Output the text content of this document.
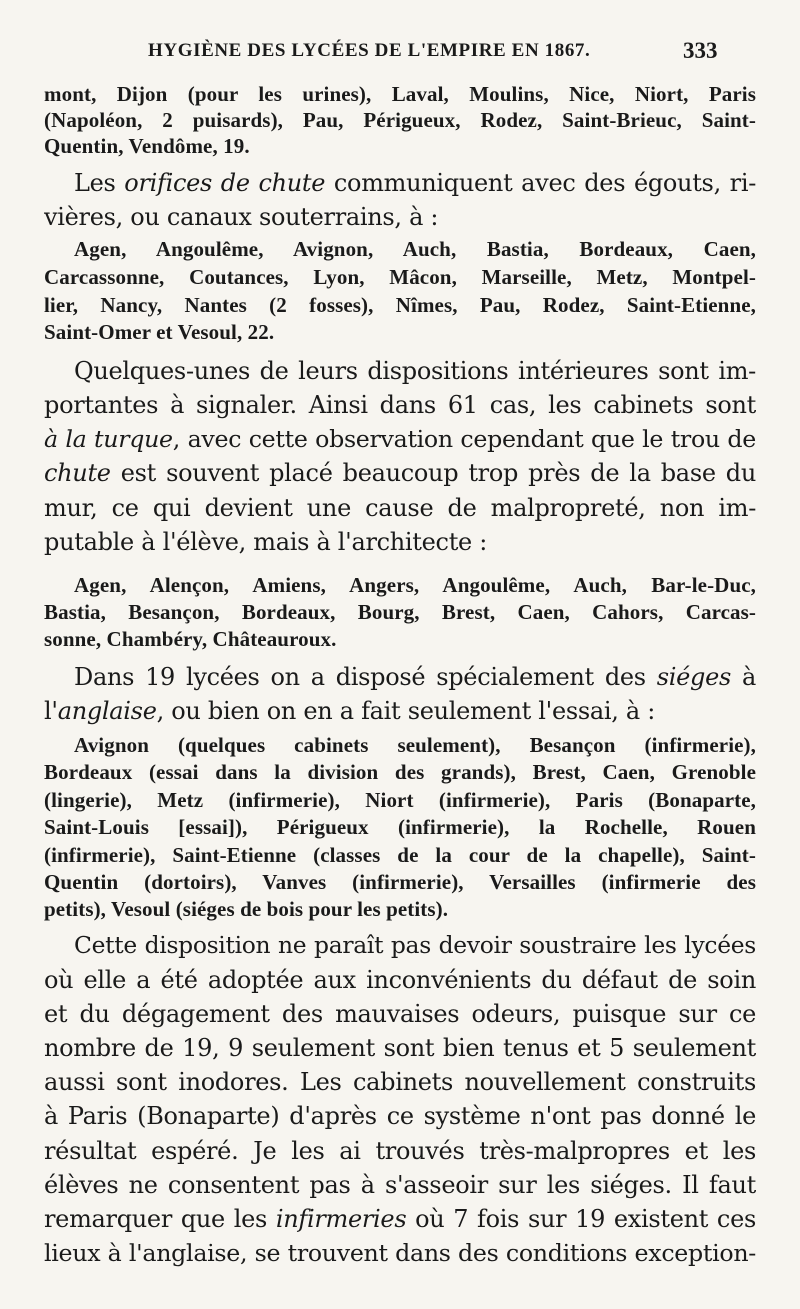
HYGIÈNE DES LYCÉES DE L'EMPIRE EN 1867.	333
mont, Dijon (pour les urines), Laval, Moulins, Nice, Niort, Paris
(Napoléon, 2 puisards), Pau, Périgueux, Rodez, Saint-Brieuc, Saint-
Quentin, Vendôme, 19.
Les orifices de chute communiquent avec des égouts, ri-
vières, ou canaux souterrains, à :
Agen, Angoulême, Avignon, Auch, Bastia, Bordeaux, Caen,
Carcassonne, Coutances, Lyon, Mâcon, Marseille, Metz, Montpel-
lier, Nancy, Nantes (2 fosses), Nîmes, Pau, Rodez, Saint-Etienne,
Saint-Omer et Vesoul, 22.
Quelques-unes de leurs dispositions intérieures sont im-
portantes à signaler. Ainsi dans 61 cas, les cabinets sont
à la turque, avec cette observation cependant que le trou de
chute est souvent placé beaucoup trop près de la base du
mur, ce qui devient une cause de malpropreté, non im-
putable à l'élève, mais à l'architecte :
Agen, Alençon, Amiens, Angers, Angoulême, Auch, Bar-le-Duc,
Bastia, Besançon, Bordeaux, Bourg, Brest, Caen, Cahors, Carcas-
sonne, Chambéry, Châteauroux.
Dans 19 lycées on a disposé spécialement des siéges à
l'anglaise, ou bien on en a fait seulement l'essai, à :
Avignon (quelques cabinets seulement), Besançon (infirmerie),
Bordeaux (essai dans la division des grands), Brest, Caen, Grenoble
(lingerie), Metz (infirmerie), Niort (infirmerie), Paris (Bonaparte,
Saint-Louis [essai]), Périgueux (infirmerie), la Rochelle, Rouen
(infirmerie), Saint-Etienne (classes de la cour de la chapelle), Saint-
Quentin (dortoirs), Vanves (infirmerie), Versailles (infirmerie des
petits), Vesoul (siéges de bois pour les petits).
Cette disposition ne paraît pas devoir soustraire les lycées
où elle a été adoptée aux inconvénients du défaut de soin
et du dégagement des mauvaises odeurs, puisque sur ce
nombre de 19, 9 seulement sont bien tenus et 5 seulement
aussi sont inodores. Les cabinets nouvellement construits
à Paris (Bonaparte) d'après ce système n'ont pas donné le
résultat espéré. Je les ai trouvés très-malpropres et les
élèves ne consentent pas à s'asseoir sur les siéges. Il faut
remarquer que les infirmeries où 7 fois sur 19 existent ces
lieux à l'anglaise, se trouvent dans des conditions exception-
